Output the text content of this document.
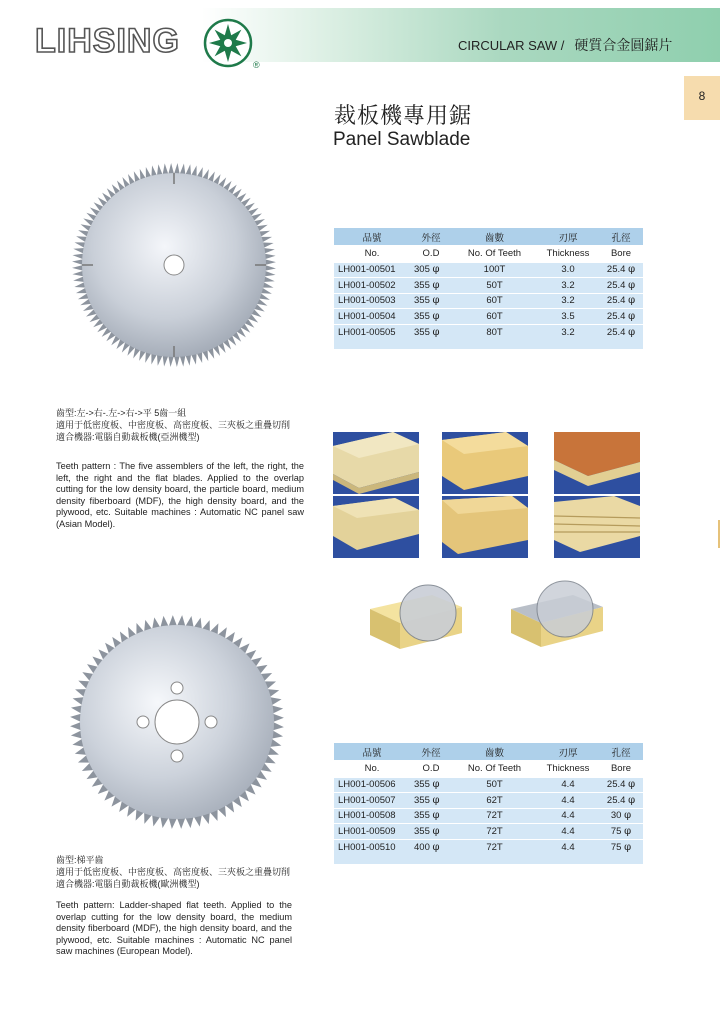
LIHSING
®
CIRCULAR SAW / 硬質合金圓鋸片
8
裁板機專用鋸
Panel Sawblade
品號	外徑	齒數	刃厚	孔徑
No.	O.D	No. Of Teeth	Thickness	Bore
LH001-00501	305 φ	100T	3.0	25.4 φ
LH001-00502	355 φ	50T	3.2	25.4 φ
LH001-00503	355 φ	60T	3.2	25.4 φ
LH001-00504	355 φ	60T	3.5	25.4 φ
LH001-00505	355 φ	80T	3.2	25.4 φ
齒型:左->右-.左->右->平 5齒一組
適用于低密度板、中密度板、高密度板、三夾板之重疊切削
適合機器:電腦自動裁板機(亞洲機型)
Teeth pattern : The five assemblers of the left, the right, the left, the right and the flat blades. Applied to the overlap cutting for the low density board, the particle board, medium density fiberboard (MDF), the high density board, and the plywood, etc. Suitable machines : Automatic NC panel saw (Asian Model).
品號	外徑	齒數	刃厚	孔徑
No.	O.D	No. Of Teeth	Thickness	Bore
LH001-00506	355 φ	50T	4.4	25.4 φ
LH001-00507	355 φ	62T	4.4	25.4 φ
LH001-00508	355 φ	72T	4.4	30 φ
LH001-00509	355 φ	72T	4.4	75 φ
LH001-00510	400 φ	72T	4.4	75 φ
齒型:梯平齒
適用于低密度板、中密度板、高密度板、三夾板之重疊切削
適合機器:電腦自動裁板機(歐洲機型)
Teeth pattern: Ladder-shaped flat teeth. Applied to the overlap cutting for the low density board, the medium density fiberboard (MDF), the high density board, and the plywood, etc. Suitable machines : Automatic NC panel saw machines (European Model).
